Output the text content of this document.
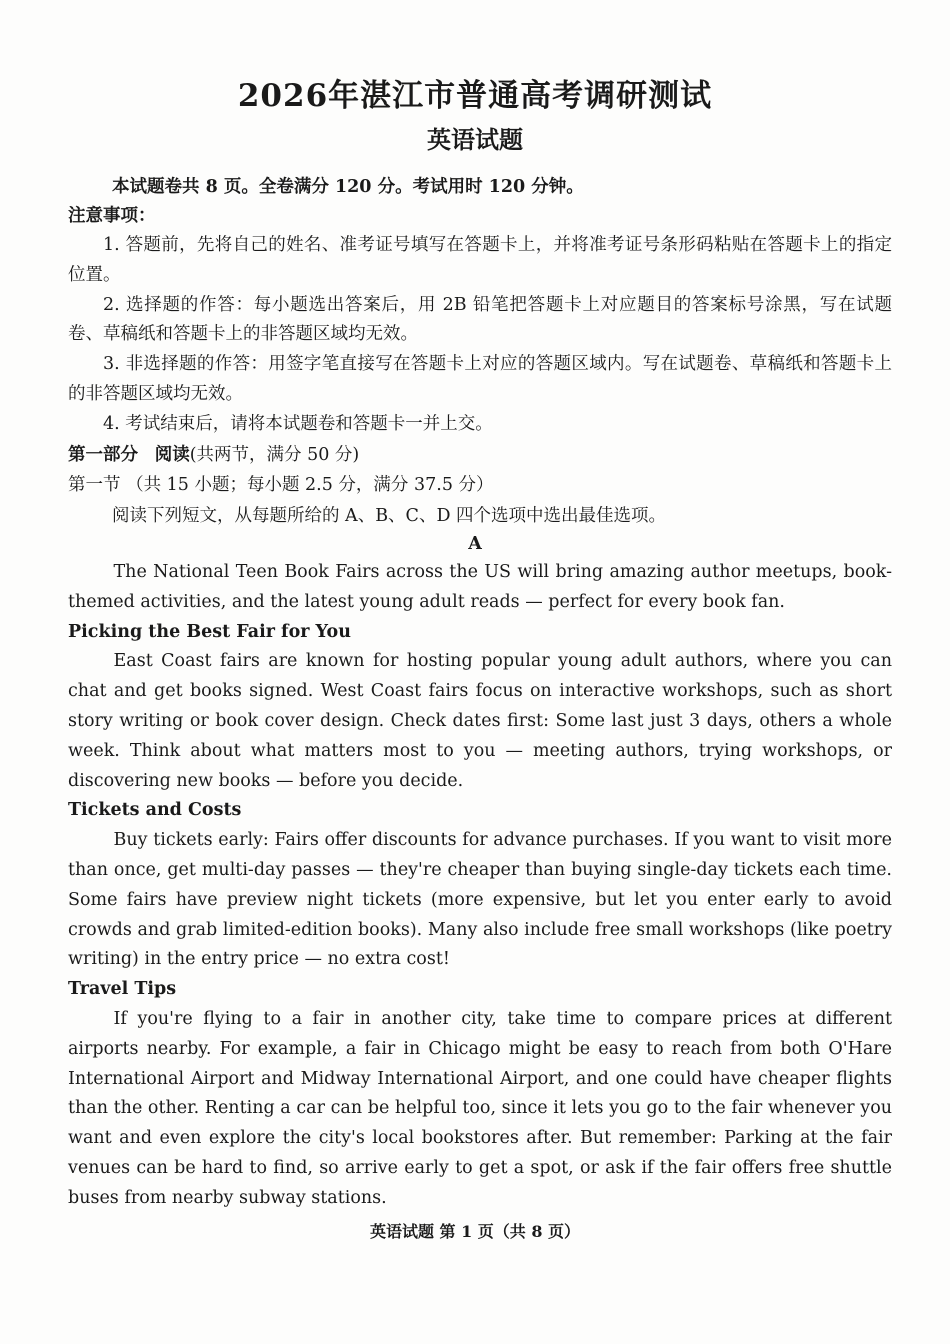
2026年湛江市普通高考调研测试
英语试题
本试题卷共 8 页。全卷满分 120 分。考试用时 120 分钟。
注意事项：

1. 答题前，先将自己的姓名、准考证号填写在答题卡上，并将准考证号条形码粘贴在答题卡上的指定位置。

2. 选择题的作答：每小题选出答案后，用 2B 铅笔把答题卡上对应题目的答案标号涂黑，写在试题卷、草稿纸和答题卡上的非答题区域均无效。

3. 非选择题的作答：用签字笔直接写在答题卡上对应的答题区域内。写在试题卷、草稿纸和答题卡上的非答题区域均无效。

4. 考试结束后，请将本试题卷和答题卡一并上交。

第一部分 阅读(共两节，满分 50 分)
第一节 （共 15 小题；每小题 2.5 分，满分 37.5 分）
阅读下列短文，从每题所给的 A、B、C、D 四个选项中选出最佳选项。
A

The National Teen Book Fairs across the US will bring amazing author meetups, book-themed activities, and the latest young adult reads — perfect for every book fan.

Picking the Best Fair for You

East Coast fairs are known for hosting popular young adult authors, where you can chat and get books signed. West Coast fairs focus on interactive workshops, such as short story writing or book cover design. Check dates first: Some last just 3 days, others a whole week. Think about what matters most to you — meeting authors, trying workshops, or discovering new books — before you decide.

Tickets and Costs

Buy tickets early: Fairs offer discounts for advance purchases. If you want to visit more than once, get multi-day passes — they're cheaper than buying single-day tickets each time. Some fairs have preview night tickets (more expensive, but let you enter early to avoid crowds and grab limited-edition books). Many also include free small workshops (like poetry writing) in the entry price — no extra cost!

Travel Tips

If you're flying to a fair in another city, take time to compare prices at different airports nearby. For example, a fair in Chicago might be easy to reach from both O'Hare International Airport and Midway International Airport, and one could have cheaper flights than the other. Renting a car can be helpful too, since it lets you go to the fair whenever you want and even explore the city's local bookstores after. But remember: Parking at the fair venues can be hard to find, so arrive early to get a spot, or ask if the fair offers free shuttle buses from nearby subway stations.

英语试题 第 1 页（共 8 页）
